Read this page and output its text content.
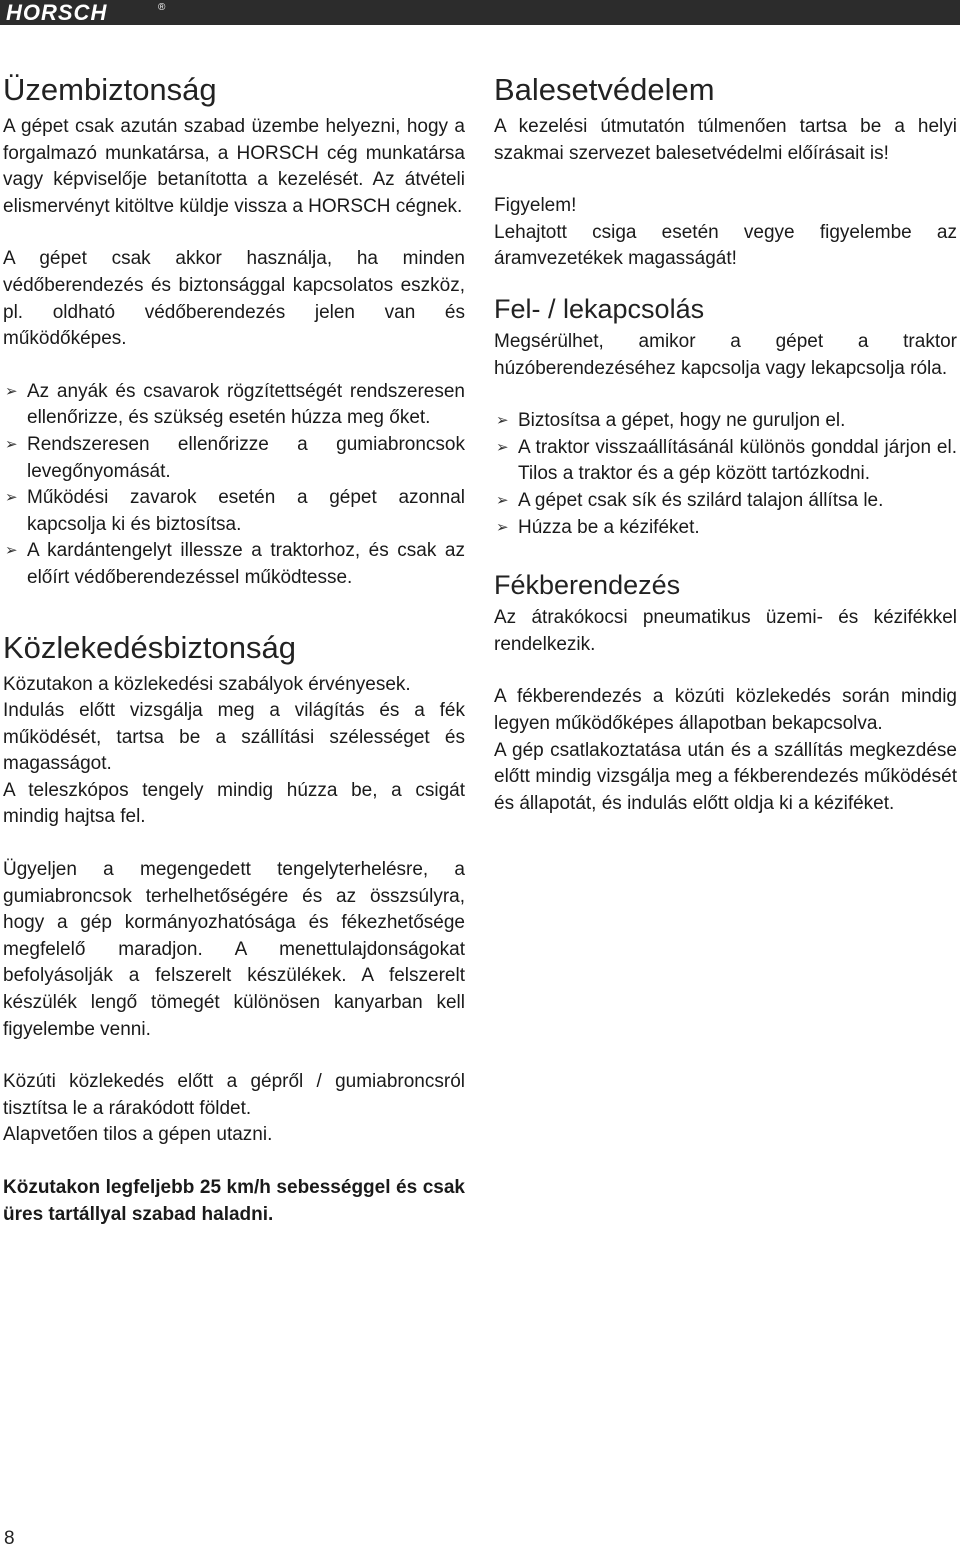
HORSCH	®
Üzembiztonság

A gépet csak azután szabad üzembe helyezni, hogy a forgalmazó munkatársa, a HORSCH cég munkatársa vagy képviselője betanította a kezelését. Az átvételi elismervényt kitöltve küldje vissza a HORSCH cégnek.

A gépet csak akkor használja, ha minden védőberendezés és biztonsággal kapcsolatos eszköz, pl. oldható védőberendezés jelen van és működőképes.

➢ Az anyák és csavarok rögzítettségét rendszeresen ellenőrizze, és szükség esetén húzza meg őket.
➢ Rendszeresen ellenőrizze a gumiabroncsok levegőnyomását.
➢ Működési zavarok esetén a gépet azonnal kapcsolja ki és biztosítsa.
➢ A kardántengelyt illessze a traktorhoz, és csak az előírt védőberendezéssel működtesse.
Közlekedésbiztonság

Közutakon a közlekedési szabályok érvényesek.

Indulás előtt vizsgálja meg a világítás és a fék működését, tartsa be a szállítási szélességet és magasságot.

A teleszkópos tengely mindig húzza be, a csigát mindig hajtsa fel.

Ügyeljen a megengedett tengelyterhelésre, a gumiabroncsok terhelhetőségére és az összsúlyra, hogy a gép kormányozhatósága és fékezhetősége megfelelő maradjon. A menettulajdonságokat befolyásolják a felszerelt készülékek. A felszerelt készülék lengő tömegét különösen kanyarban kell figyelembe venni.

Közúti közlekedés előtt a gépről / gumiabroncsról tisztítsa le a rárakódott földet.

Alapvetően tilos a gépen utazni.

Közutakon legfeljebb 25 km/h sebességgel és csak üres tartállyal szabad haladni.

Balesetvédelem

A kezelési útmutatón túlmenően tartsa be a helyi szakmai szervezet balesetvédelmi előírásait is!

Figyelem!

Lehajtott csiga esetén vegye figyelembe az áramvezetékek magasságát!

Fel- / lekapcsolás

Megsérülhet, amikor a gépet a traktor húzóberendezéséhez kapcsolja vagy lekapcsolja róla.

➢ Biztosítsa a gépet, hogy ne guruljon el.
➢ A traktor visszaállításánál különös gonddal járjon el. Tilos a traktor és a gép között tartózkodni.
➢ A gépet csak sík és szilárd talajon állítsa le.
➢ Húzza be a kéziféket.
Fékberendezés

Az átrakókocsi pneumatikus üzemi- és kézifékkel rendelkezik.

A fékberendezés a közúti közlekedés során mindig legyen működőképes állapotban bekapcsolva.

A gép csatlakoztatása után és a szállítás megkezdése előtt mindig vizsgálja meg a fékberendezés működését és állapotát, és indulás előtt oldja ki a kéziféket.

8
